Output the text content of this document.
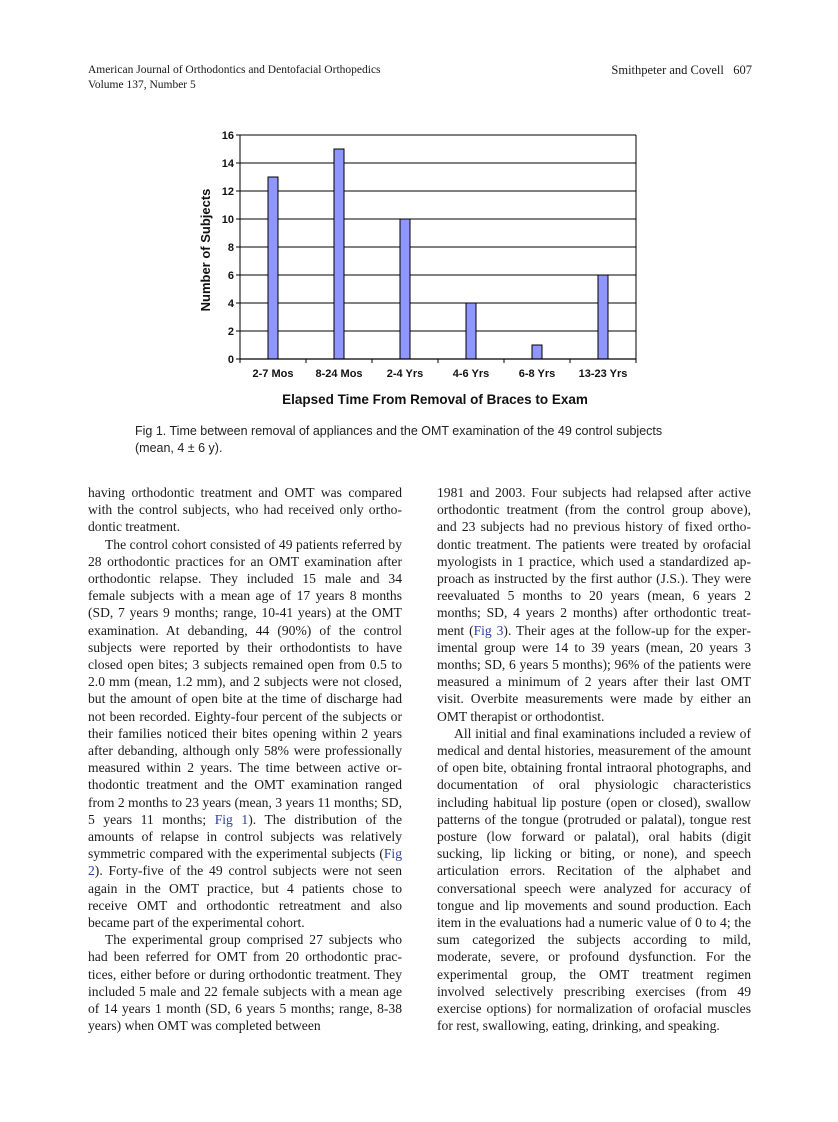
American Journal of Orthodontics and Dentofacial Orthopedics
Volume 137, Number 5
Smithpeter and Covell   607
0
2
4
6
8
10
12
14
16
2-7 Mos 8-24 Mos 2-4 Yrs	4-6 Yrs	6-8 Yrs 13-23 Yrs
Number of Subjects
Elapsed Time From Removal of Braces to Exam
Fig 1. Time between removal of appliances and the OMT examination of the 49 control subjects
(mean, 4 ± 6 y).

having orthodontic treatment and OMT was compared with the control subjects, who had received only orthodontic treatment.

The control cohort consisted of 49 patients referred by 28 orthodontic practices for an OMT examination after orthodontic relapse. They included 15 male and 34 female subjects with a mean age of 17 years 8 months (SD, 7 years 9 months; range, 10-41 years) at the OMT examination. At debanding, 44 (90%) of the control subjects were reported by their orthodontists to have closed open bites; 3 subjects remained open from 0.5 to 2.0 mm (mean, 1.2 mm), and 2 subjects were not closed, but the amount of open bite at the time of discharge had not been recorded. Eighty-four percent of the subjects or their families noticed their bites opening within 2 years after debanding, although only 58% were professionally measured within 2 years. The time between active orthodontic treatment and the OMT examination ranged from 2 months to 23 years (mean, 3 years 11 months; SD, 5 years 11 months; Fig 1). The distribution of the amounts of relapse in control subjects was relatively symmetric compared with the experimental subjects (Fig 2). Forty-five of the 49 control subjects were not seen again in the OMT practice, but 4 patients chose to receive OMT and orthodontic retreatment and also became part of the experimental cohort.

The experimental group comprised 27 subjects who had been referred for OMT from 20 orthodontic practices, either before or during orthodontic treatment. They included 5 male and 22 female subjects with a mean age of 14 years 1 month (SD, 6 years 5 months; range, 8-38 years) when OMT was completed between

1981 and 2003. Four subjects had relapsed after active orthodontic treatment (from the control group above), and 23 subjects had no previous history of fixed orthodontic treatment. The patients were treated by orofacial myologists in 1 practice, which used a standardized approach as instructed by the first author (J.S.). They were reevaluated 5 months to 20 years (mean, 6 years 2 months; SD, 4 years 2 months) after orthodontic treatment (Fig 3). Their ages at the follow-up for the experimental group were 14 to 39 years (mean, 20 years 3 months; SD, 6 years 5 months); 96% of the patients were measured a minimum of 2 years after their last OMT visit. Overbite measurements were made by either an OMT therapist or orthodontist.

All initial and final examinations included a review of medical and dental histories, measurement of the amount of open bite, obtaining frontal intraoral photographs, and documentation of oral physiologic characteristics including habitual lip posture (open or closed), swallow patterns of the tongue (protruded or palatal), tongue rest posture (low forward or palatal), oral habits (digit sucking, lip licking or biting, or none), and speech articulation errors. Recitation of the alphabet and conversational speech were analyzed for accuracy of tongue and lip movements and sound production. Each item in the evaluations had a numeric value of 0 to 4; the sum categorized the subjects according to mild, moderate, severe, or profound dysfunction. For the experimental group, the OMT treatment regimen involved selectively prescribing exercises (from 49 exercise options) for normalization of orofacial muscles for rest, swallowing, eating, drinking, and speaking.
